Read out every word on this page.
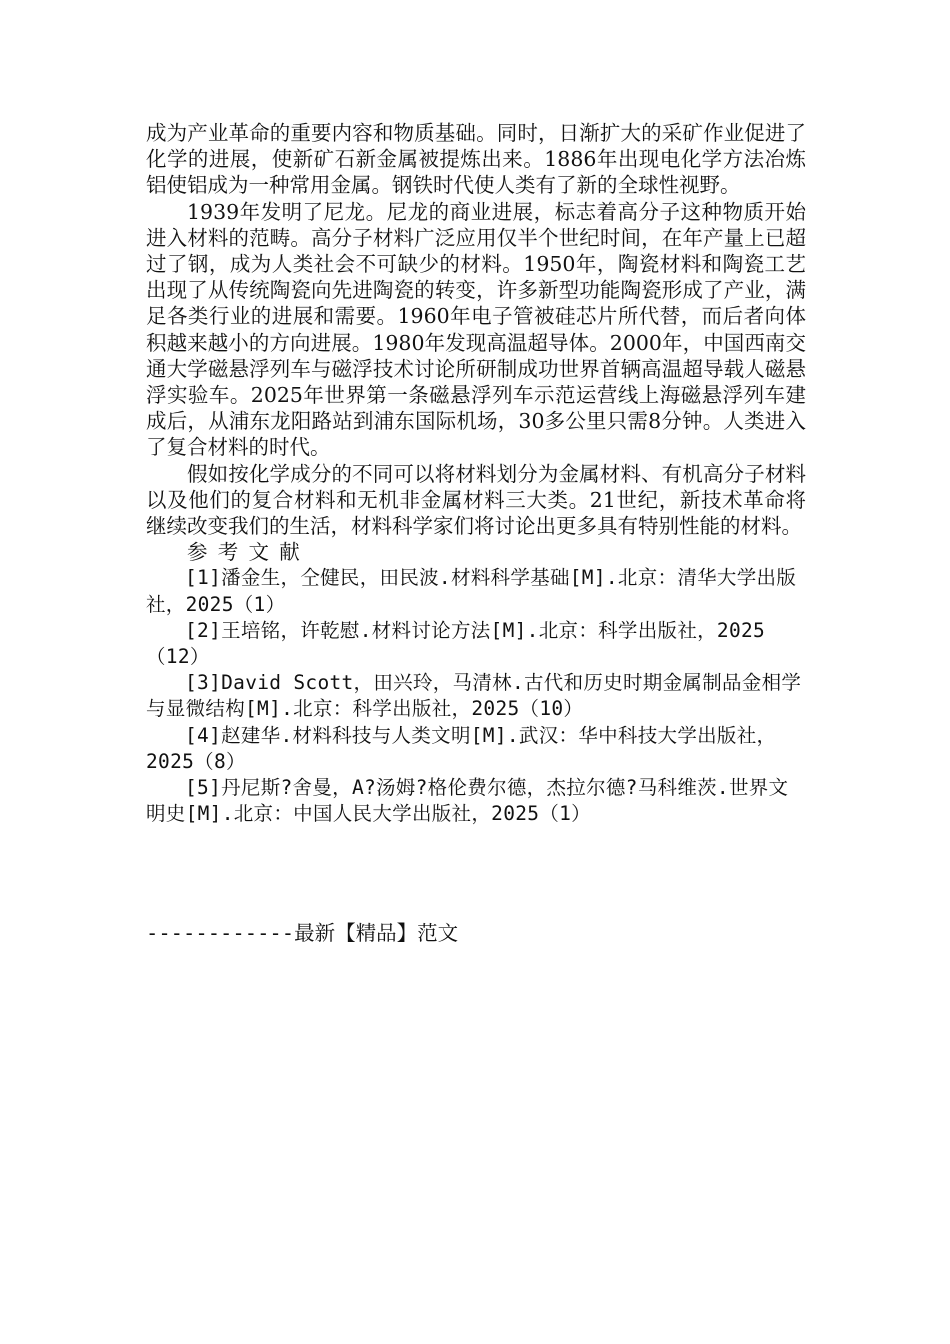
成为产业革命的重要内容和物质基础。同时，日渐扩大的采矿作业促进了化学的进展，使新矿石新金属被提炼出来。1886年出现电化学方法冶炼铝使铝成为一种常用金属。钢铁时代使人类有了新的全球性视野。

1939年发明了尼龙。尼龙的商业进展，标志着高分子这种物质开始进入材料的范畴。高分子材料广泛应用仅半个世纪时间，在年产量上已超过了钢，成为人类社会不可缺少的材料。1950年，陶瓷材料和陶瓷工艺出现了从传统陶瓷向先进陶瓷的转变，许多新型功能陶瓷形成了产业，满足各类行业的进展和需要。1960年电子管被硅芯片所代替，而后者向体积越来越小的方向进展。1980年发现高温超导体。2000年，中国西南交通大学磁悬浮列车与磁浮技术讨论所研制成功世界首辆高温超导载人磁悬浮实验车。2025年世界第一条磁悬浮列车示范运营线上海磁悬浮列车建成后，从浦东龙阳路站到浦东国际机场，30多公里只需8分钟。人类进入了复合材料的时代。

假如按化学成分的不同可以将材料划分为金属材料、有机高分子材料以及他们的复合材料和无机非金属材料三大类。21世纪，新技术革命将继续改变我们的生活，材料科学家们将讨论出更多具有特别性能的材料。

参考文献

[1]潘金生，仝健民，田民波.材料科学基础[M].北京：清华大学出版社，2025（1）

[2]王培铭，许乾慰.材料讨论方法[M].北京：科学出版社，2025（12）

[3]David Scott，田兴玲，马清林.古代和历史时期金属制品金相学与显微结构[M].北京：科学出版社，2025（10）

[4]赵建华.材料科技与人类文明[M].武汉：华中科技大学出版社，2025（8）

[5]丹尼斯?舍曼，A?汤姆?格伦费尔德，杰拉尔德?马科维茨.世界文明史[M].北京：中国人民大学出版社，2025（1）

------------最新【精品】范文
